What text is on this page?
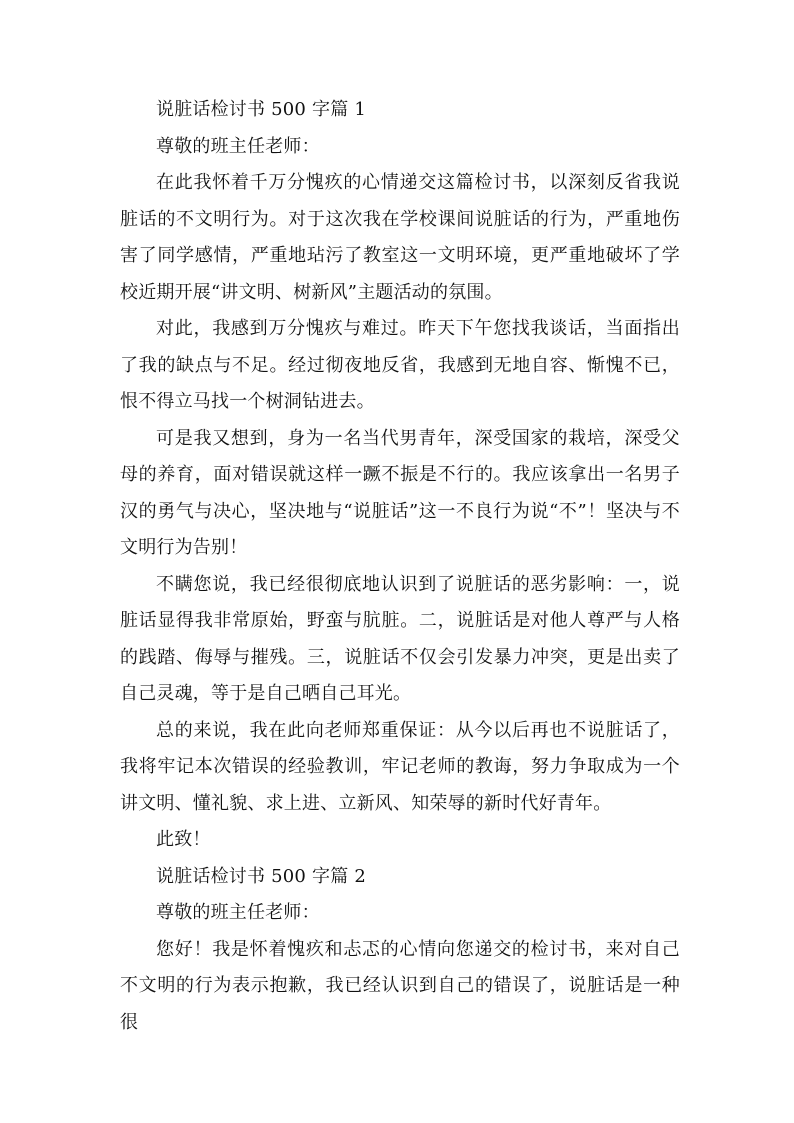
说脏话检讨书 500 字篇 1

尊敬的班主任老师：

在此我怀着千万分愧疚的心情递交这篇检讨书，以深刻反省我说脏话的不文明行为。对于这次我在学校课间说脏话的行为，严重地伤害了同学感情，严重地玷污了教室这一文明环境，更严重地破坏了学校近期开展“讲文明、树新风”主题活动的氛围。

对此，我感到万分愧疚与难过。昨天下午您找我谈话，当面指出了我的缺点与不足。经过彻夜地反省，我感到无地自容、惭愧不已，恨不得立马找一个树洞钻进去。

可是我又想到，身为一名当代男青年，深受国家的栽培，深受父母的养育，面对错误就这样一蹶不振是不行的。我应该拿出一名男子汉的勇气与决心，坚决地与“说脏话”这一不良行为说“不”！坚决与不文明行为告别！

不瞒您说，我已经很彻底地认识到了说脏话的恶劣影响：一，说脏话显得我非常原始，野蛮与肮脏。二，说脏话是对他人尊严与人格的践踏、侮辱与摧残。三，说脏话不仅会引发暴力冲突，更是出卖了自己灵魂，等于是自己晒自己耳光。

总的来说，我在此向老师郑重保证：从今以后再也不说脏话了，我将牢记本次错误的经验教训，牢记老师的教诲，努力争取成为一个讲文明、懂礼貌、求上进、立新风、知荣辱的新时代好青年。

此致！

说脏话检讨书 500 字篇 2

尊敬的班主任老师：

您好！我是怀着愧疚和忐忑的心情向您递交的检讨书，来对自己不文明的行为表示抱歉，我已经认识到自己的错误了，说脏话是一种很
